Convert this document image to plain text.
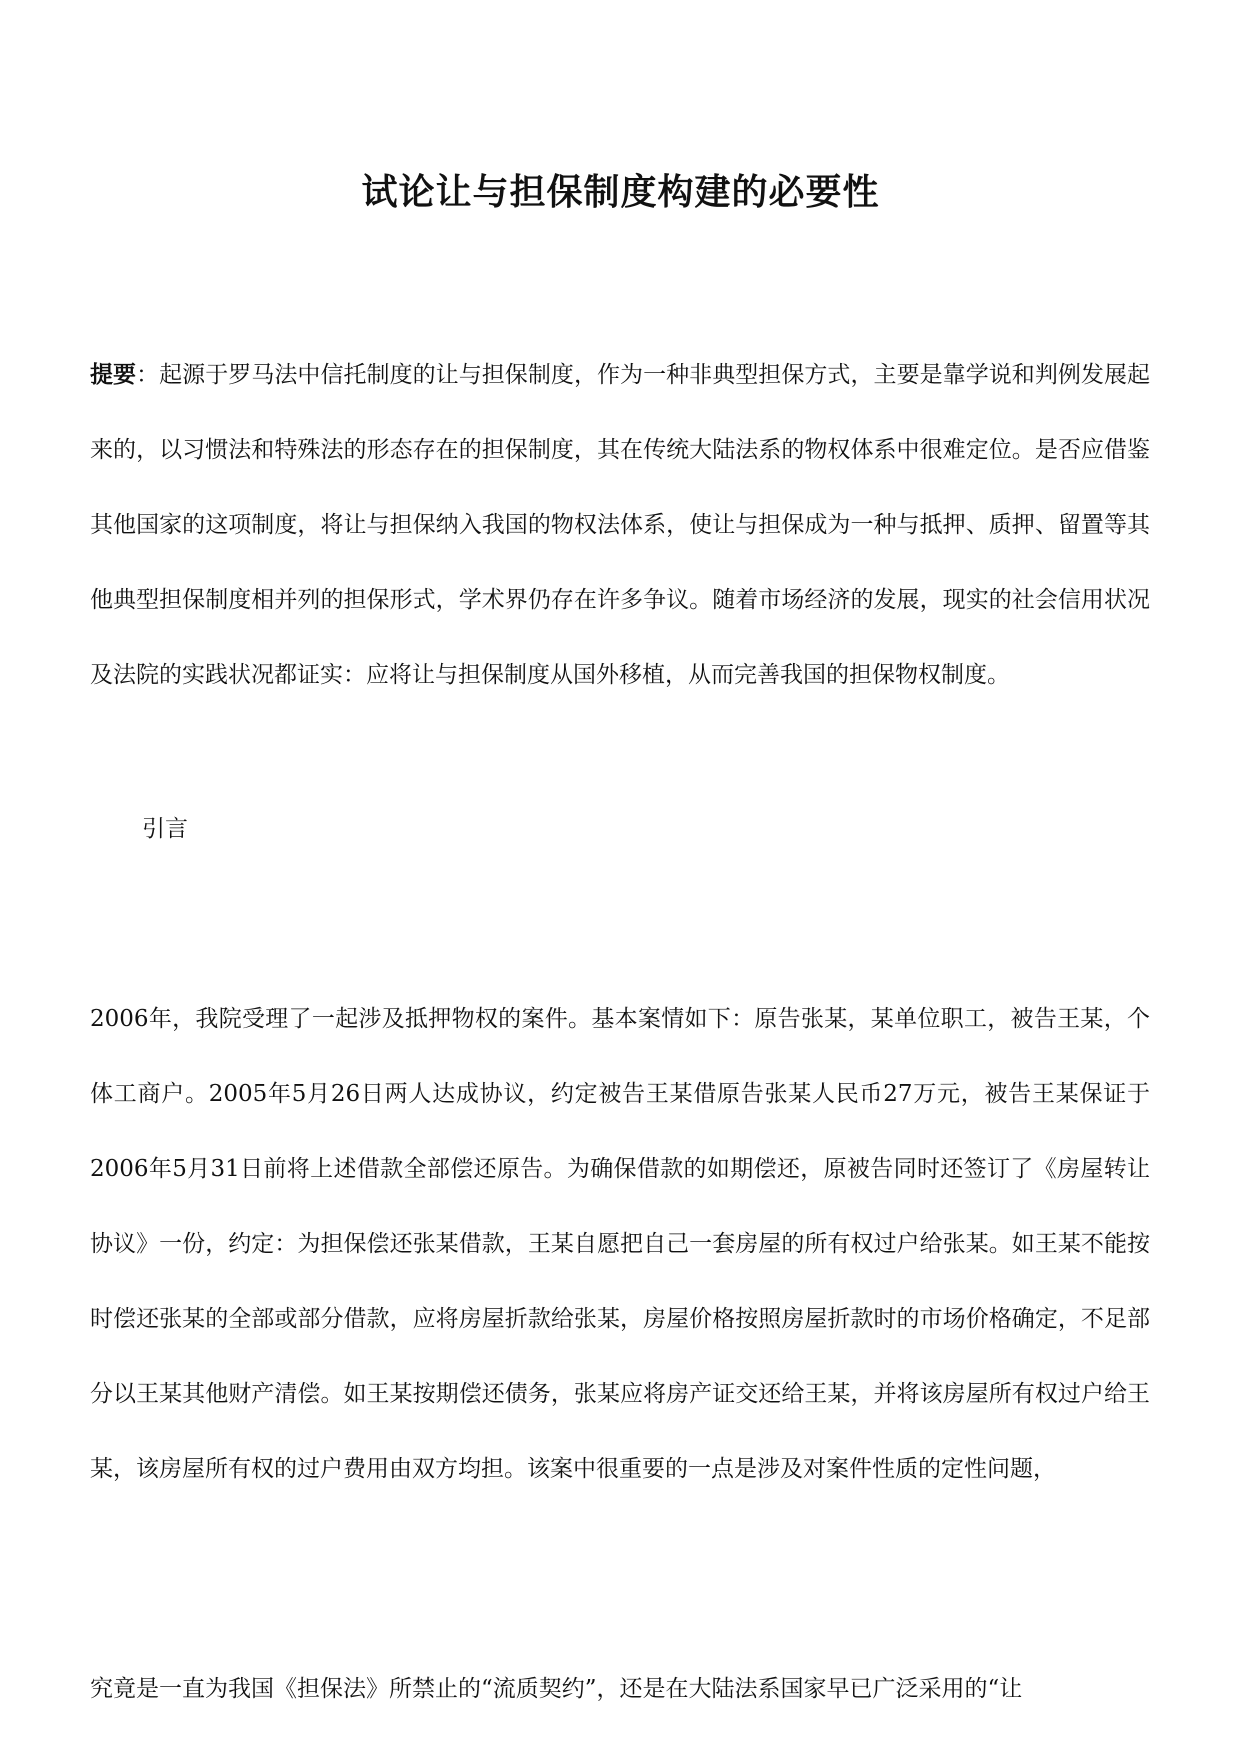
试论让与担保制度构建的必要性

提要：起源于罗马法中信托制度的让与担保制度，作为一种非典型担保方式，主要是靠学说和判例发展起来的，以习惯法和特殊法的形态存在的担保制度，其在传统大陆法系的物权体系中很难定位。是否应借鉴其他国家的这项制度，将让与担保纳入我国的物权法体系，使让与担保成为一种与抵押、质押、留置等其他典型担保制度相并列的担保形式，学术界仍存在许多争议。随着市场经济的发展，现实的社会信用状况及法院的实践状况都证实：应将让与担保制度从国外移植，从而完善我国的担保物权制度。

引言

2006年，我院受理了一起涉及抵押物权的案件。基本案情如下：原告张某，某单位职工，被告王某，个体工商户。2005年5月26日两人达成协议，约定被告王某借原告张某人民币27万元，被告王某保证于2006年5月31日前将上述借款全部偿还原告。为确保借款的如期偿还，原被告同时还签订了《房屋转让协议》一份，约定：为担保偿还张某借款，王某自愿把自己一套房屋的所有权过户给张某。如王某不能按时偿还张某的全部或部分借款，应将房屋折款给张某，房屋价格按照房屋折款时的市场价格确定，不足部分以王某其他财产清偿。如王某按期偿还债务，张某应将房产证交还给王某，并将该房屋所有权过户给王某，该房屋所有权的过户费用由双方均担。该案中很重要的一点是涉及对案件性质的定性问题，

究竟是一直为我国《担保法》所禁止的“流质契约”，还是在大陆法系国家早已广泛采用的“让
